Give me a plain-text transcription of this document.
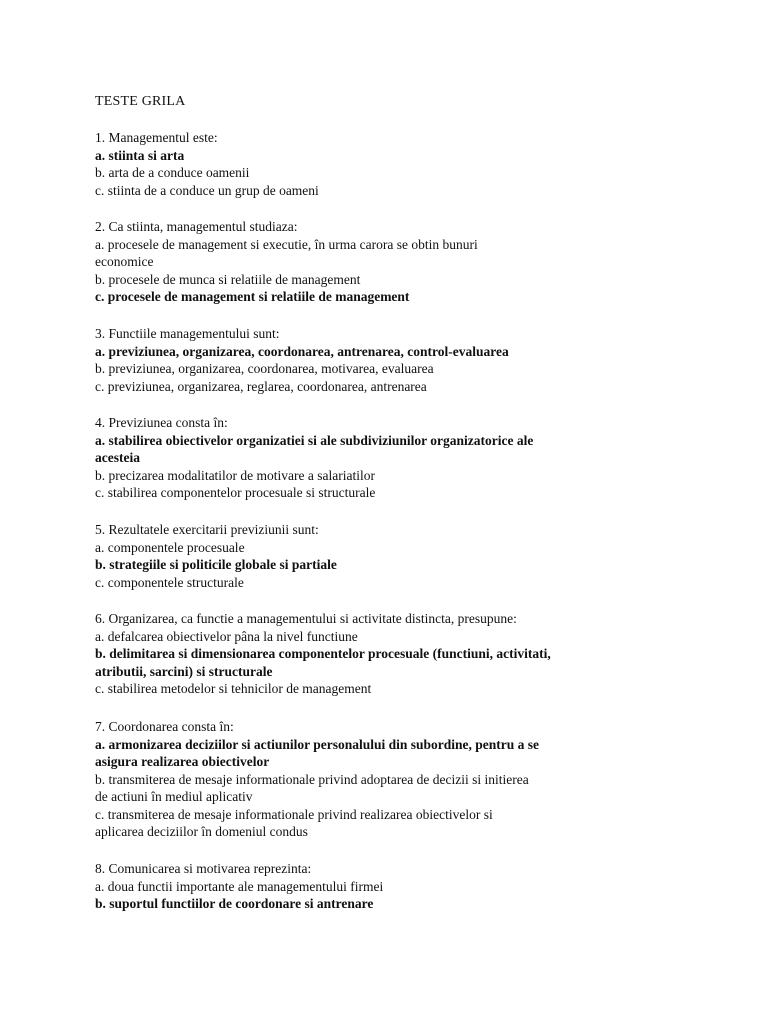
TESTE GRILA
1. Managementul este:
a. stiinta si arta
b. arta de a conduce oamenii
c. stiinta de a conduce un grup de oameni
2. Ca stiinta, managementul studiaza:
a. procesele de management si executie, în urma carora se obtin bunuri
economice
b. procesele de munca si relatiile de management
c. procesele de management si relatiile de management
3. Functiile managementului sunt:
a. previziunea, organizarea, coordonarea, antrenarea, control-evaluarea
b. previziunea, organizarea, coordonarea, motivarea, evaluarea
c. previziunea, organizarea, reglarea, coordonarea, antrenarea
4. Previziunea consta în:
a. stabilirea obiectivelor organizatiei si ale subdiviziunilor organizatorice ale
acesteia
b. precizarea modalitatilor de motivare a salariatilor
c. stabilirea componentelor procesuale si structurale
5. Rezultatele exercitarii previziunii sunt:
a. componentele procesuale
b. strategiile si politicile globale si partiale
c. componentele structurale
6. Organizarea, ca functie a managementului si activitate distincta, presupune:
a. defalcarea obiectivelor pâna la nivel functiune
b. delimitarea si dimensionarea componentelor procesuale (functiuni, activitati,
atributii, sarcini) si structurale
c. stabilirea metodelor si tehnicilor de management
7. Coordonarea consta în:
a. armonizarea deciziilor si actiunilor personalului din subordine, pentru a se
asigura realizarea obiectivelor
b. transmiterea de mesaje informationale privind adoptarea de decizii si initierea
de actiuni în mediul aplicativ
c. transmiterea de mesaje informationale privind realizarea obiectivelor si
aplicarea deciziilor în domeniul condus
8. Comunicarea si motivarea reprezinta:
a. doua functii importante ale managementului firmei
b. suportul functiilor de coordonare si antrenare
